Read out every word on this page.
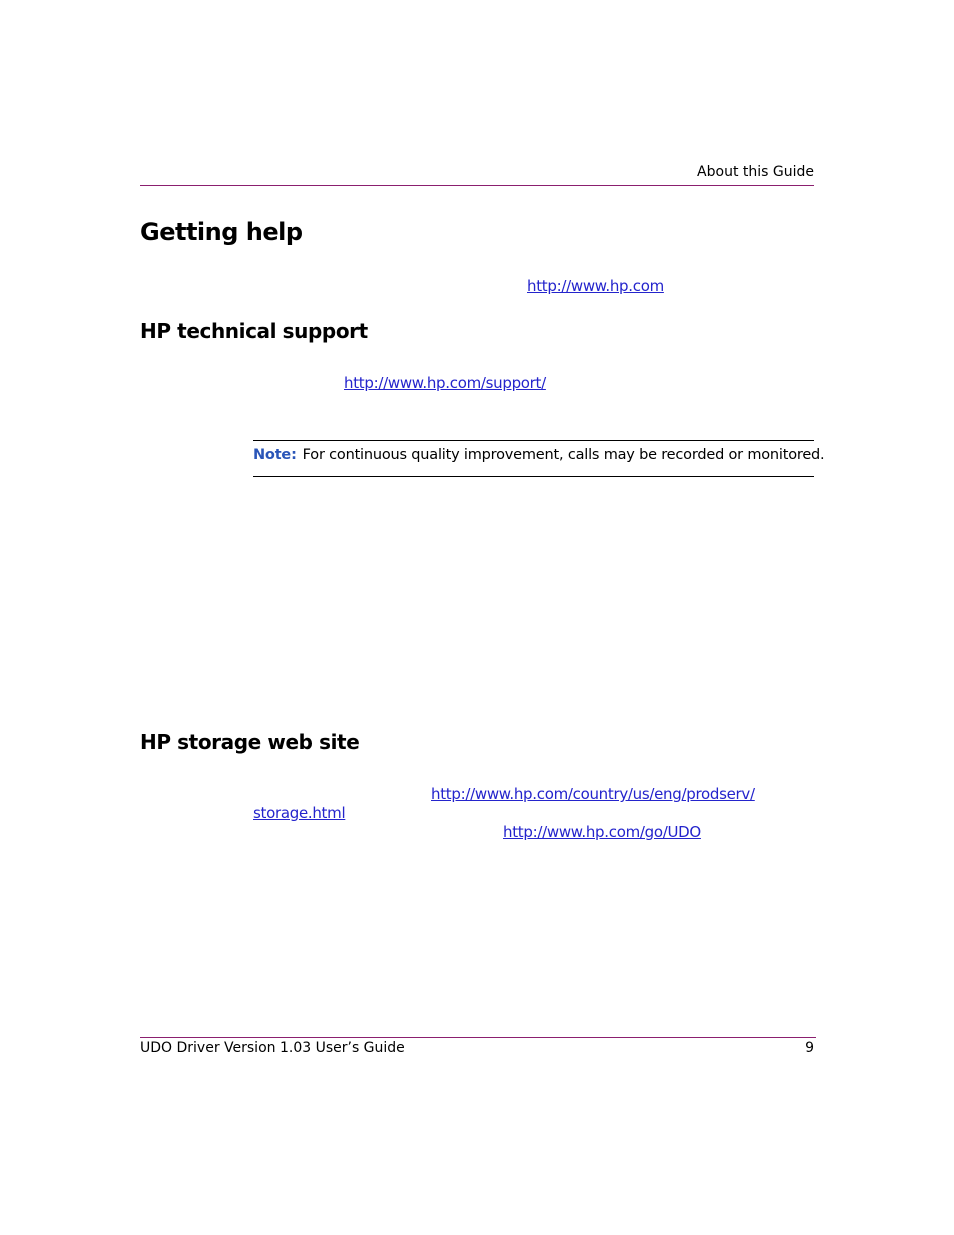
About this Guide
Getting help
http://www.hp.com
HP technical support
http://www.hp.com/support/
Note: For continuous quality improvement, calls may be recorded or monitored.
HP storage web site
http://www.hp.com/country/us/eng/prodserv/
storage.html
http://www.hp.com/go/UDO
UDO Driver Version 1.03 User’s Guide	9
